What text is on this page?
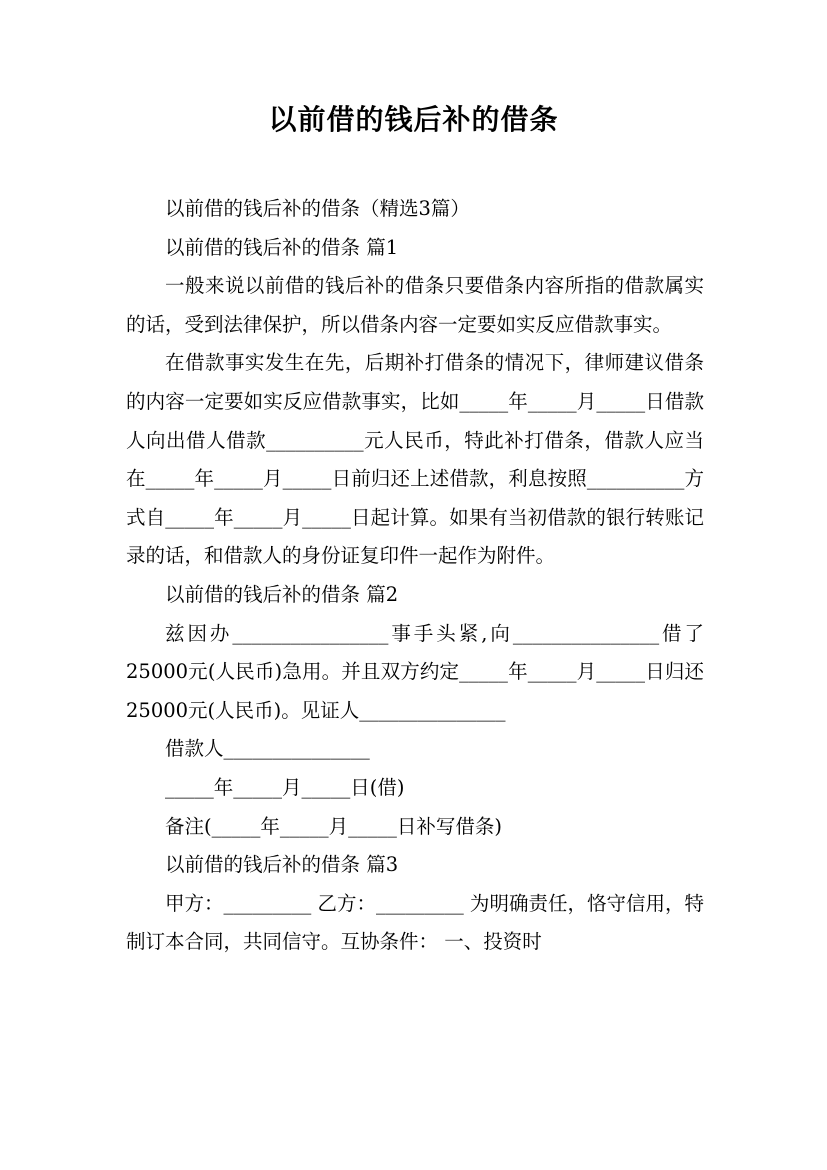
以前借的钱后补的借条

以前借的钱后补的借条（精选3篇）

以前借的钱后补的借条 篇1

一般来说以前借的钱后补的借条只要借条内容所指的借款属实的话，受到法律保护，所以借条内容一定要如实反应借款事实。

在借款事实发生在先，后期补打借条的情况下，律师建议借条的内容一定要如实反应借款事实，比如_____年_____月_____日借款人向出借人借款__________元人民币，特此补打借条，借款人应当在_____年_____月_____日前归还上述借款，利息按照__________方式自_____年_____月_____日起计算。如果有当初借款的银行转账记录的话，和借款人的身份证复印件一起作为附件。

以前借的钱后补的借条 篇2

兹因办________________事手头紧,向_______________借了25000元(人民币)急用。并且双方约定_____年_____月_____日归还25000元(人民币)。见证人_______________

借款人_______________

_____年_____月_____日(借)

备注(_____年_____月_____日补写借条)

以前借的钱后补的借条 篇3

甲方：_________ 乙方：_________ 为明确责任，恪守信用，特制订本合同，共同信守。互协条件： 一、投资时
